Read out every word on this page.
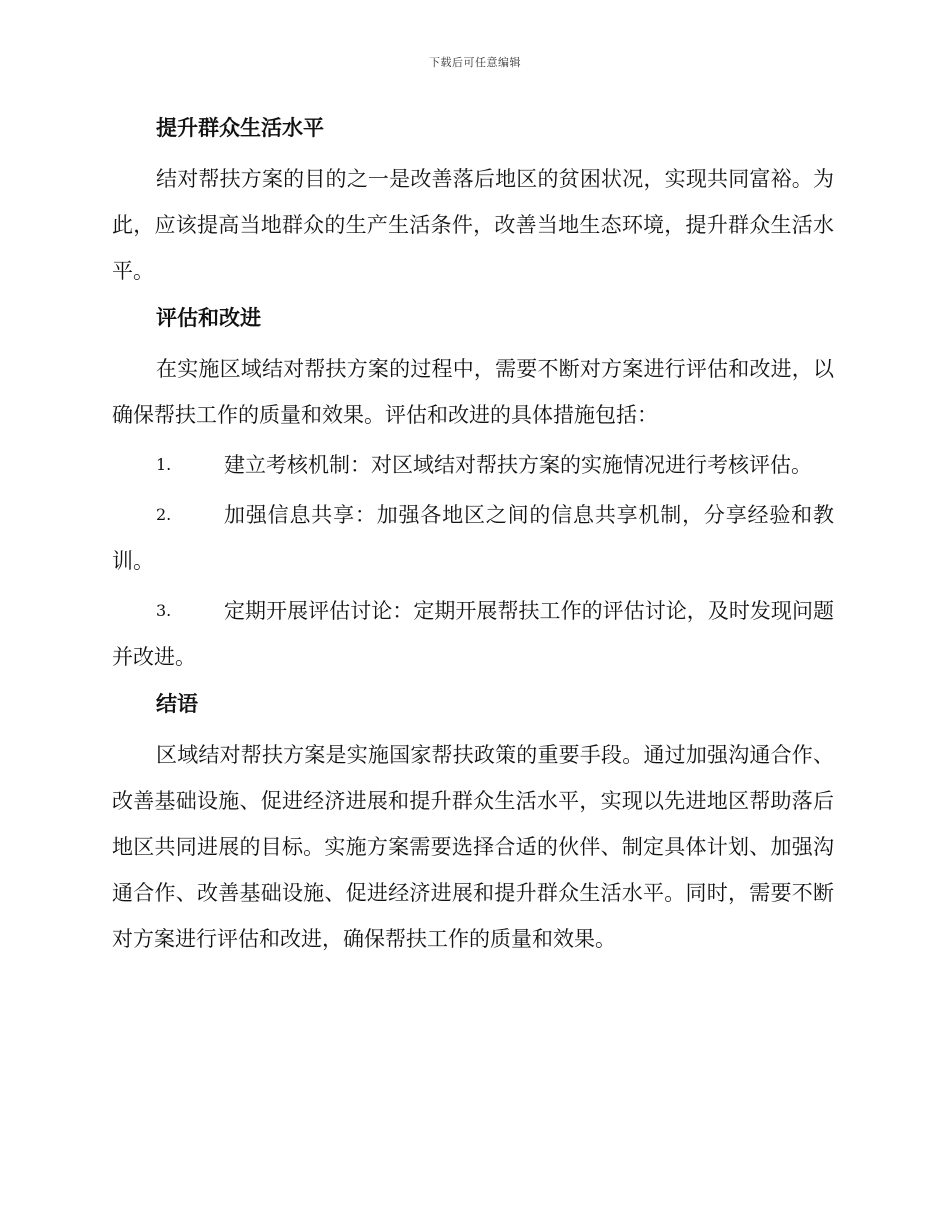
下载后可任意编辑
提升群众生活水平

结对帮扶方案的目的之一是改善落后地区的贫困状况，实现共同富裕。为此，应该提高当地群众的生产生活条件，改善当地生态环境，提升群众生活水平。

评估和改进

在实施区域结对帮扶方案的过程中，需要不断对方案进行评估和改进，以确保帮扶工作的质量和效果。评估和改进的具体措施包括：

1.	建立考核机制：对区域结对帮扶方案的实施情况进行考核评估。
2.	加强信息共享：加强各地区之间的信息共享机制，分享经验和教训。
3.	定期开展评估讨论：定期开展帮扶工作的评估讨论，及时发现问题并改进。
结语

区域结对帮扶方案是实施国家帮扶政策的重要手段。通过加强沟通合作、改善基础设施、促进经济进展和提升群众生活水平，实现以先进地区帮助落后地区共同进展的目标。实施方案需要选择合适的伙伴、制定具体计划、加强沟通合作、改善基础设施、促进经济进展和提升群众生活水平。同时，需要不断对方案进行评估和改进，确保帮扶工作的质量和效果。
